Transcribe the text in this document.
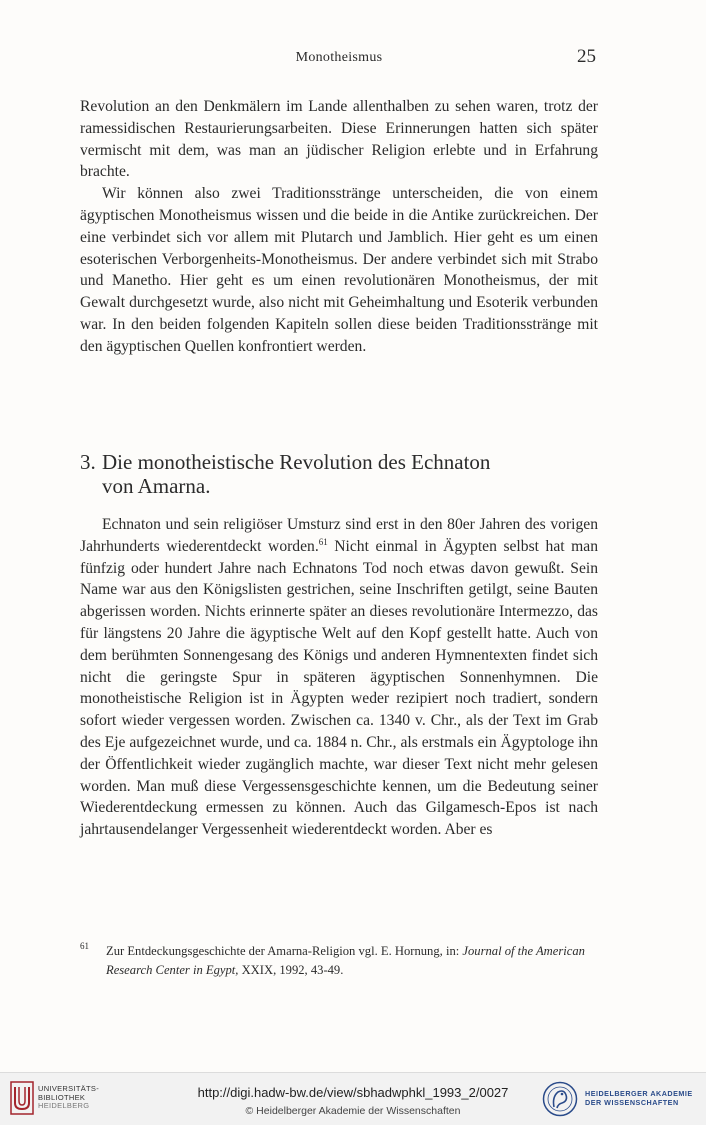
Monotheismus	25

Revolution an den Denkmälern im Lande allenthalben zu sehen waren, trotz der ramessidischen Restaurierungsarbeiten. Diese Erinnerungen hatten sich später vermischt mit dem, was man an jüdischer Religion erlebte und in Erfahrung brachte.

Wir können also zwei Traditionsstränge unterscheiden, die von einem ägyptischen Monotheismus wissen und die beide in die Antike zurückreichen. Der eine verbindet sich vor allem mit Plutarch und Jamblich. Hier geht es um einen esoterischen Verborgenheits-Monotheismus. Der andere verbindet sich mit Strabo und Manetho. Hier geht es um einen revolutionären Monotheismus, der mit Gewalt durchgesetzt wurde, also nicht mit Geheimhaltung und Esoterik verbunden war. In den beiden folgenden Kapiteln sollen diese beiden Traditionsstränge mit den ägyptischen Quellen konfrontiert werden.

3. Die monotheistische Revolution des Echnaton
von Amarna.

Echnaton und sein religiöser Umsturz sind erst in den 80er Jahren des vorigen Jahrhunderts wiederentdeckt worden.$^{61}$ Nicht einmal in Ägypten selbst hat man fünfzig oder hundert Jahre nach Echnatons Tod noch etwas davon gewußt. Sein Name war aus den Königslisten gestrichen, seine Inschriften getilgt, seine Bauten abgerissen worden. Nichts erinnerte später an dieses revolutionäre Intermezzo, das für längstens 20 Jahre die ägyptische Welt auf den Kopf gestellt hatte. Auch von dem berühmten Sonnengesang des Königs und anderen Hymnentexten findet sich nicht die geringste Spur in späteren ägyptischen Sonnenhymnen. Die monotheistische Religion ist in Ägypten weder rezipiert noch tradiert, sondern sofort wieder vergessen worden. Zwischen ca. 1340 v. Chr., als der Text im Grab des Eje aufgezeichnet wurde, und ca. 1884 n. Chr., als erstmals ein Ägyptologe ihn der Öffentlichkeit wieder zugänglich machte, war dieser Text nicht mehr gelesen worden. Man muß diese Vergessensgeschichte kennen, um die Bedeutung seiner Wiederentdeckung ermessen zu können. Auch das Gilgamesch-Epos ist nach jahrtausendelanger Vergessenheit wiederentdeckt worden. Aber es

61	Zur Entdeckungsgeschichte der Amarna-Religion vgl. E. Hornung, in: Journal of the American Research Center in Egypt, XXIX, 1992, 43-49.
UNIVERSITÄTS-
BIBLIOTHEK
HEIDELBERG
http://digi.hadw-bw.de/view/sbhadwphkl_1993_2/0027
© Heidelberger Akademie der Wissenschaften
HEIDELBERGER AKADEMIE
DER WISSENSCHAFTEN
